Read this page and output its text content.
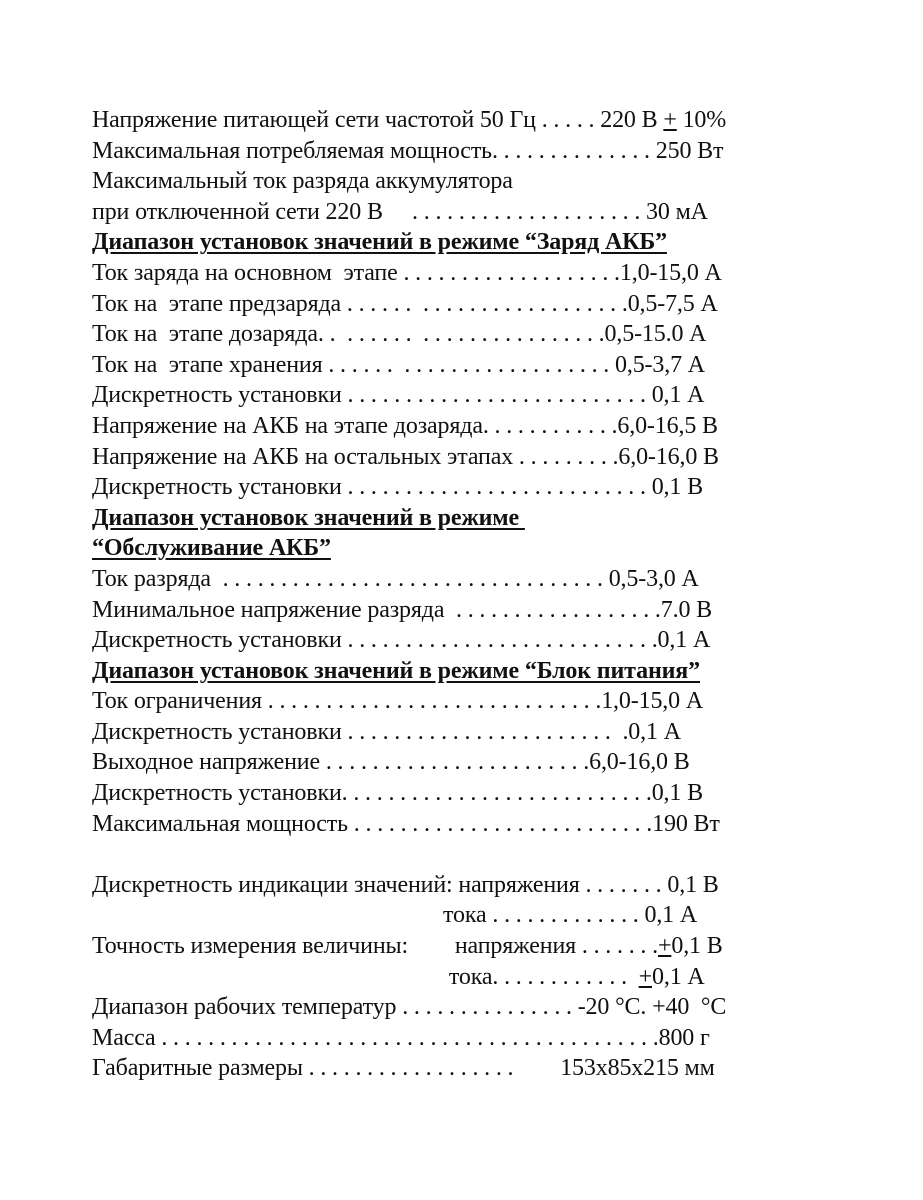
Напряжение питающей сети частотой 50 Гц . . . . . 220 В + 10%
Максимальная потребляемая мощность. . . . . . . . . . . . . . 250 Вт
Максимальный ток разряда аккумулятора
при отключенной сети 220 В     . . . . . . . . . . . . . . . . . . . . 30 мА
Диапазон установок значений в режиме “Заряд АКБ”
Ток заряда на основном  этапе . . . . . . . . . . . . . . . . . . .1,0-15,0 А
Ток на  этапе предзаряда . . . . . .  . . . . . . . . . . . . . . . . . .0,5-7,5 А
Ток на  этапе дозаряда. .  . . . . . .  . . . . . . . . . . . . . . . .0,5-15.0 А
Ток на  этапе хранения . . . . . .  . . . . . . . . . . . . . . . . . . 0,5-3,7 А
Дискретность установки . . . . . . . . . . . . . . . . . . . . . . . . . . 0,1 А
Напряжение на АКБ на этапе дозаряда. . . . . . . . . . . .6,0-16,5 В
Напряжение на АКБ на остальных этапах . . . . . . . . .6,0-16,0 В
Дискретность установки . . . . . . . . . . . . . . . . . . . . . . . . . . 0,1 В
Диапазон установок значений в режиме
“Обслуживание АКБ”
Ток разряда  . . . . . . . . . . . . . . . . . . . . . . . . . . . . . . . . . 0,5-3,0 А
Минимальное напряжение разряда  . . . . . . . . . . . . . . . . . .7.0 В
Дискретность установки . . . . . . . . . . . . . . . . . . . . . . . . . . .0,1 А
Диапазон установок значений в режиме “Блок питания”
Ток ограничения . . . . . . . . . . . . . . . . . . . . . . . . . . . . .1,0-15,0 А
Дискретность установки . . . . . . . . . . . . . . . . . . . . . . .  .0,1 А
Выходное напряжение . . . . . . . . . . . . . . . . . . . . . . .6,0-16,0 В
Дискретность установки. . . . . . . . . . . . . . . . . . . . . . . . . . .0,1 В
Максимальная мощность . . . . . . . . . . . . . . . . . . . . . . . . . .190 Вт
Дискретность индикации значений: напряжения . . . . . . . 0,1 В
тока . . . . . . . . . . . . . 0,1 А
Точность измерения величины:        напряжения . . . . . . .+0,1 В
тока. . . . . . . . . . . .  +0,1 А
Диапазон рабочих температур . . . . . . . . . . . . . . . -20 °С. +40  °С
Масса . . . . . . . . . . . . . . . . . . . . . . . . . . . . . . . . . . . . . . . . . . .800 г
Габаритные размеры . . . . . . . . . . . . . . . . . .        153х85х215 мм
